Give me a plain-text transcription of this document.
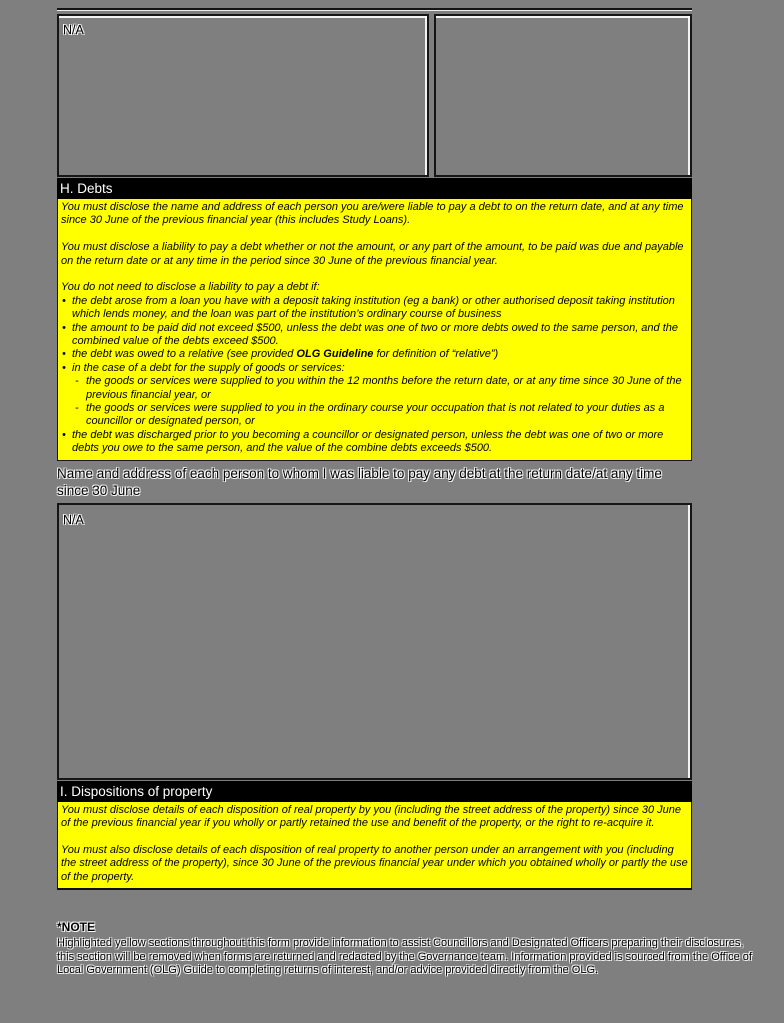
N/A
H. Debts

You must disclose the name and address of each person you are/were liable to pay a debt to on the return date, and at any time since 30 June of the previous financial year (this includes Study Loans).

You must disclose a liability to pay a debt whether or not the amount, or any part of the amount, to be paid was due and payable on the return date or at any time in the period since 30 June of the previous financial year.

You do not need to disclose a liability to pay a debt if:

• the debt arose from a loan you have with a deposit taking institution (eg a bank) or other authorised deposit taking institution which lends money, and the loan was part of the institution’s ordinary course of business
• the amount to be paid did not exceed $500, unless the debt was one of two or more debts owed to the same person, and the combined value of the debts exceed $500.
• the debt was owed to a relative (see provided OLG Guideline for definition of “relative”)
• in the case of a debt for the supply of goods or services:
- the goods or services were supplied to you within the 12 months before the return date, or at any time since 30 June of the previous financial year, or
- the goods or services were supplied to you in the ordinary course your occupation that is not related to your duties as a councillor or designated person, or
• the debt was discharged prior to you becoming a councillor or designated person, unless the debt was one of two or more debts you owe to the same person, and the value of the combine debts exceeds $500.
Name and address of each person to whom I was liable to pay any debt at the return date/at any time since 30 June
N/A
I. Dispositions of property

You must disclose details of each disposition of real property by you (including the street address of the property) since 30 June of the previous financial year if you wholly or partly retained the use and benefit of the property, or the right to re-acquire it.

You must also disclose details of each disposition of real property to another person under an arrangement with you (including the street address of the property), since 30 June of the previous financial year under which you obtained wholly or partly the use of the property.

*NOTE
Highlighted yellow sections throughout this form provide information to assist Councillors and Designated Officers preparing their disclosures, this section will be removed when forms are returned and redacted by the Governance team. Information provided is sourced from the Office of Local Government (OLG) Guide to completing returns of interest, and/or advice provided directly from the OLG.
